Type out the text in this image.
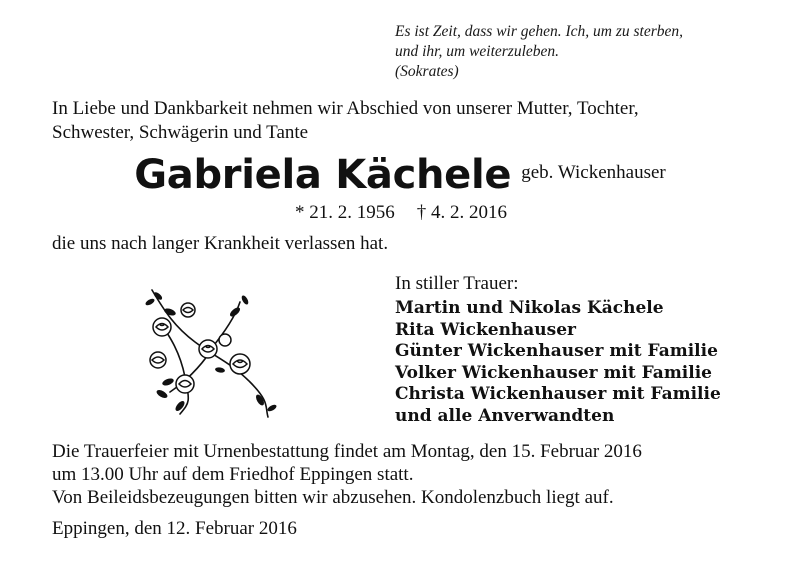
Es ist Zeit, dass wir gehen. Ich, um zu sterben,
und ihr, um weiterzuleben.
(Sokrates)
In Liebe und Dankbarkeit nehmen wir Abschied von unserer Mutter, Tochter,
Schwester, Schwägerin und Tante
Gabriela Kächele geb. Wickenhauser
* 21. 2. 1956 † 4. 2. 2016
die uns nach langer Krankheit verlassen hat.
In stiller Trauer:
Martin und Nikolas Kächele
Rita Wickenhauser
Günter Wickenhauser mit Familie
Volker Wickenhauser mit Familie
Christa Wickenhauser mit Familie
und alle Anverwandten
Die Trauerfeier mit Urnenbestattung findet am Montag, den 15. Februar 2016
um 13.00 Uhr auf dem Friedhof Eppingen statt.
Von Beileidsbezeugungen bitten wir abzusehen. Kondolenzbuch liegt auf.
Eppingen, den 12. Februar 2016
